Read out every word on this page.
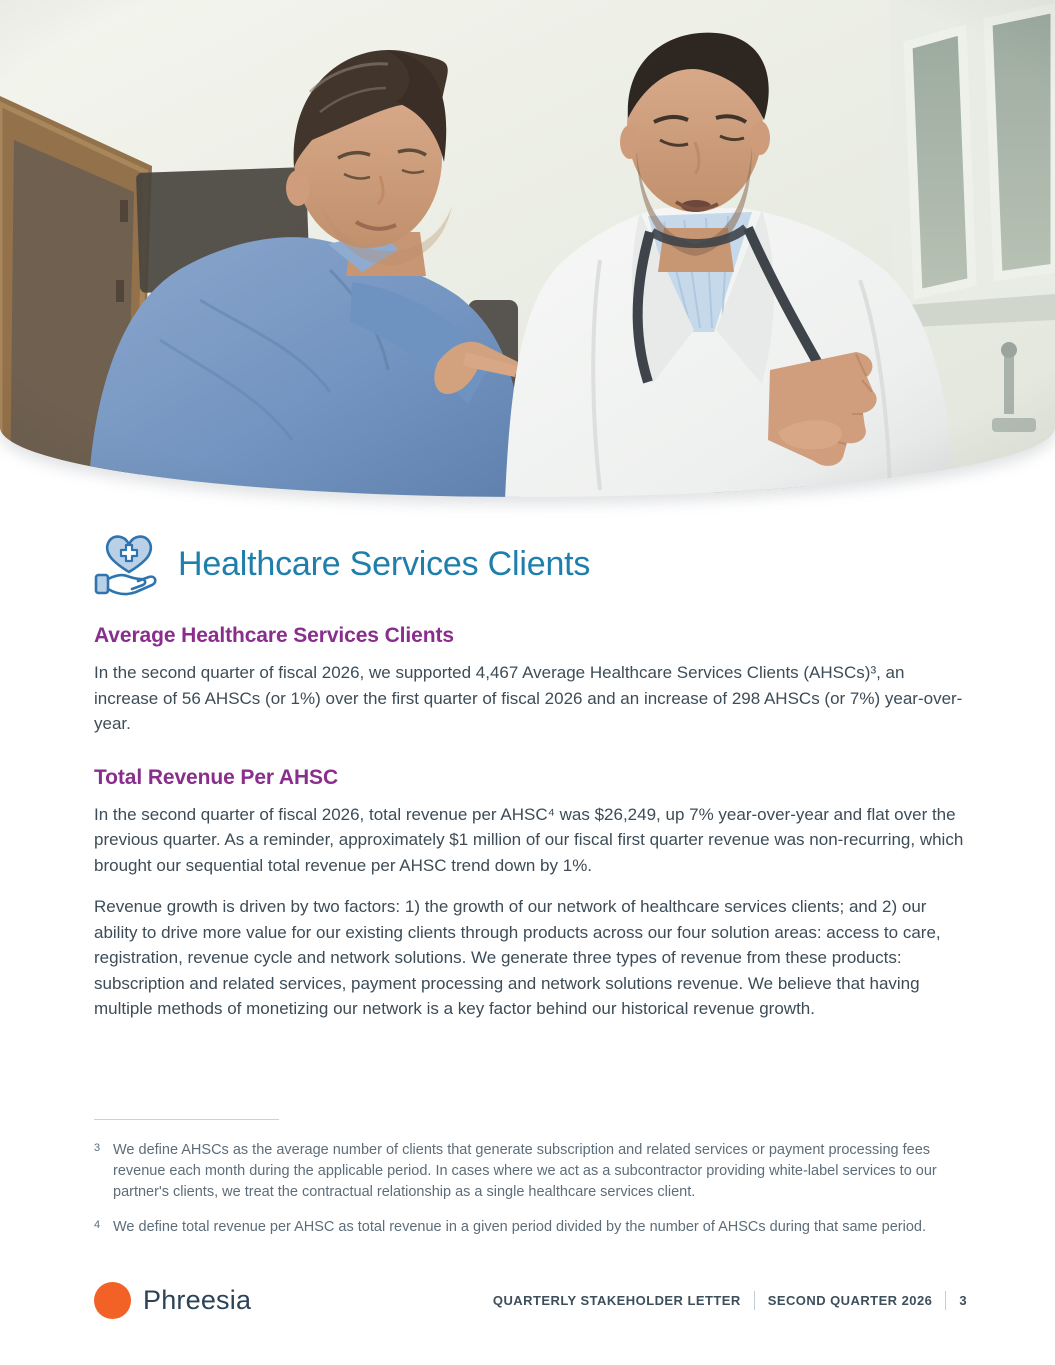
Healthcare Services Clients
Average Healthcare Services Clients

In the second quarter of fiscal 2026, we supported 4,467 Average Healthcare Services Clients (AHSCs)³, an increase of 56 AHSCs (or 1%) over the first quarter of fiscal 2026 and an increase of 298 AHSCs (or 7%) year-over-year.

Total Revenue Per AHSC

In the second quarter of fiscal 2026, total revenue per AHSC⁴ was $26,249, up 7% year-over-year and flat over the previous quarter. As a reminder, approximately $1 million of our fiscal first quarter revenue was non-recurring, which brought our sequential total revenue per AHSC trend down by 1%.

Revenue growth is driven by two factors: 1) the growth of our network of healthcare services clients; and 2) our ability to drive more value for our existing clients through products across our four solution areas: access to care, registration, revenue cycle and network solutions. We generate three types of revenue from these products: subscription and related services, payment processing and network solutions revenue. We believe that having multiple methods of monetizing our network is a key factor behind our historical revenue growth.

3 We define AHSCs as the average number of clients that generate subscription and related services or payment processing fees revenue each month during the applicable period. In cases where we act as a subcontractor providing white-label services to our partner's clients, we treat the contractual relationship as a single healthcare services client.
4 We define total revenue per AHSC as total revenue in a given period divided by the number of AHSCs during that same period.
Phreesia	QUARTERLY STAKEHOLDER LETTER SECOND QUARTER 2026 3
